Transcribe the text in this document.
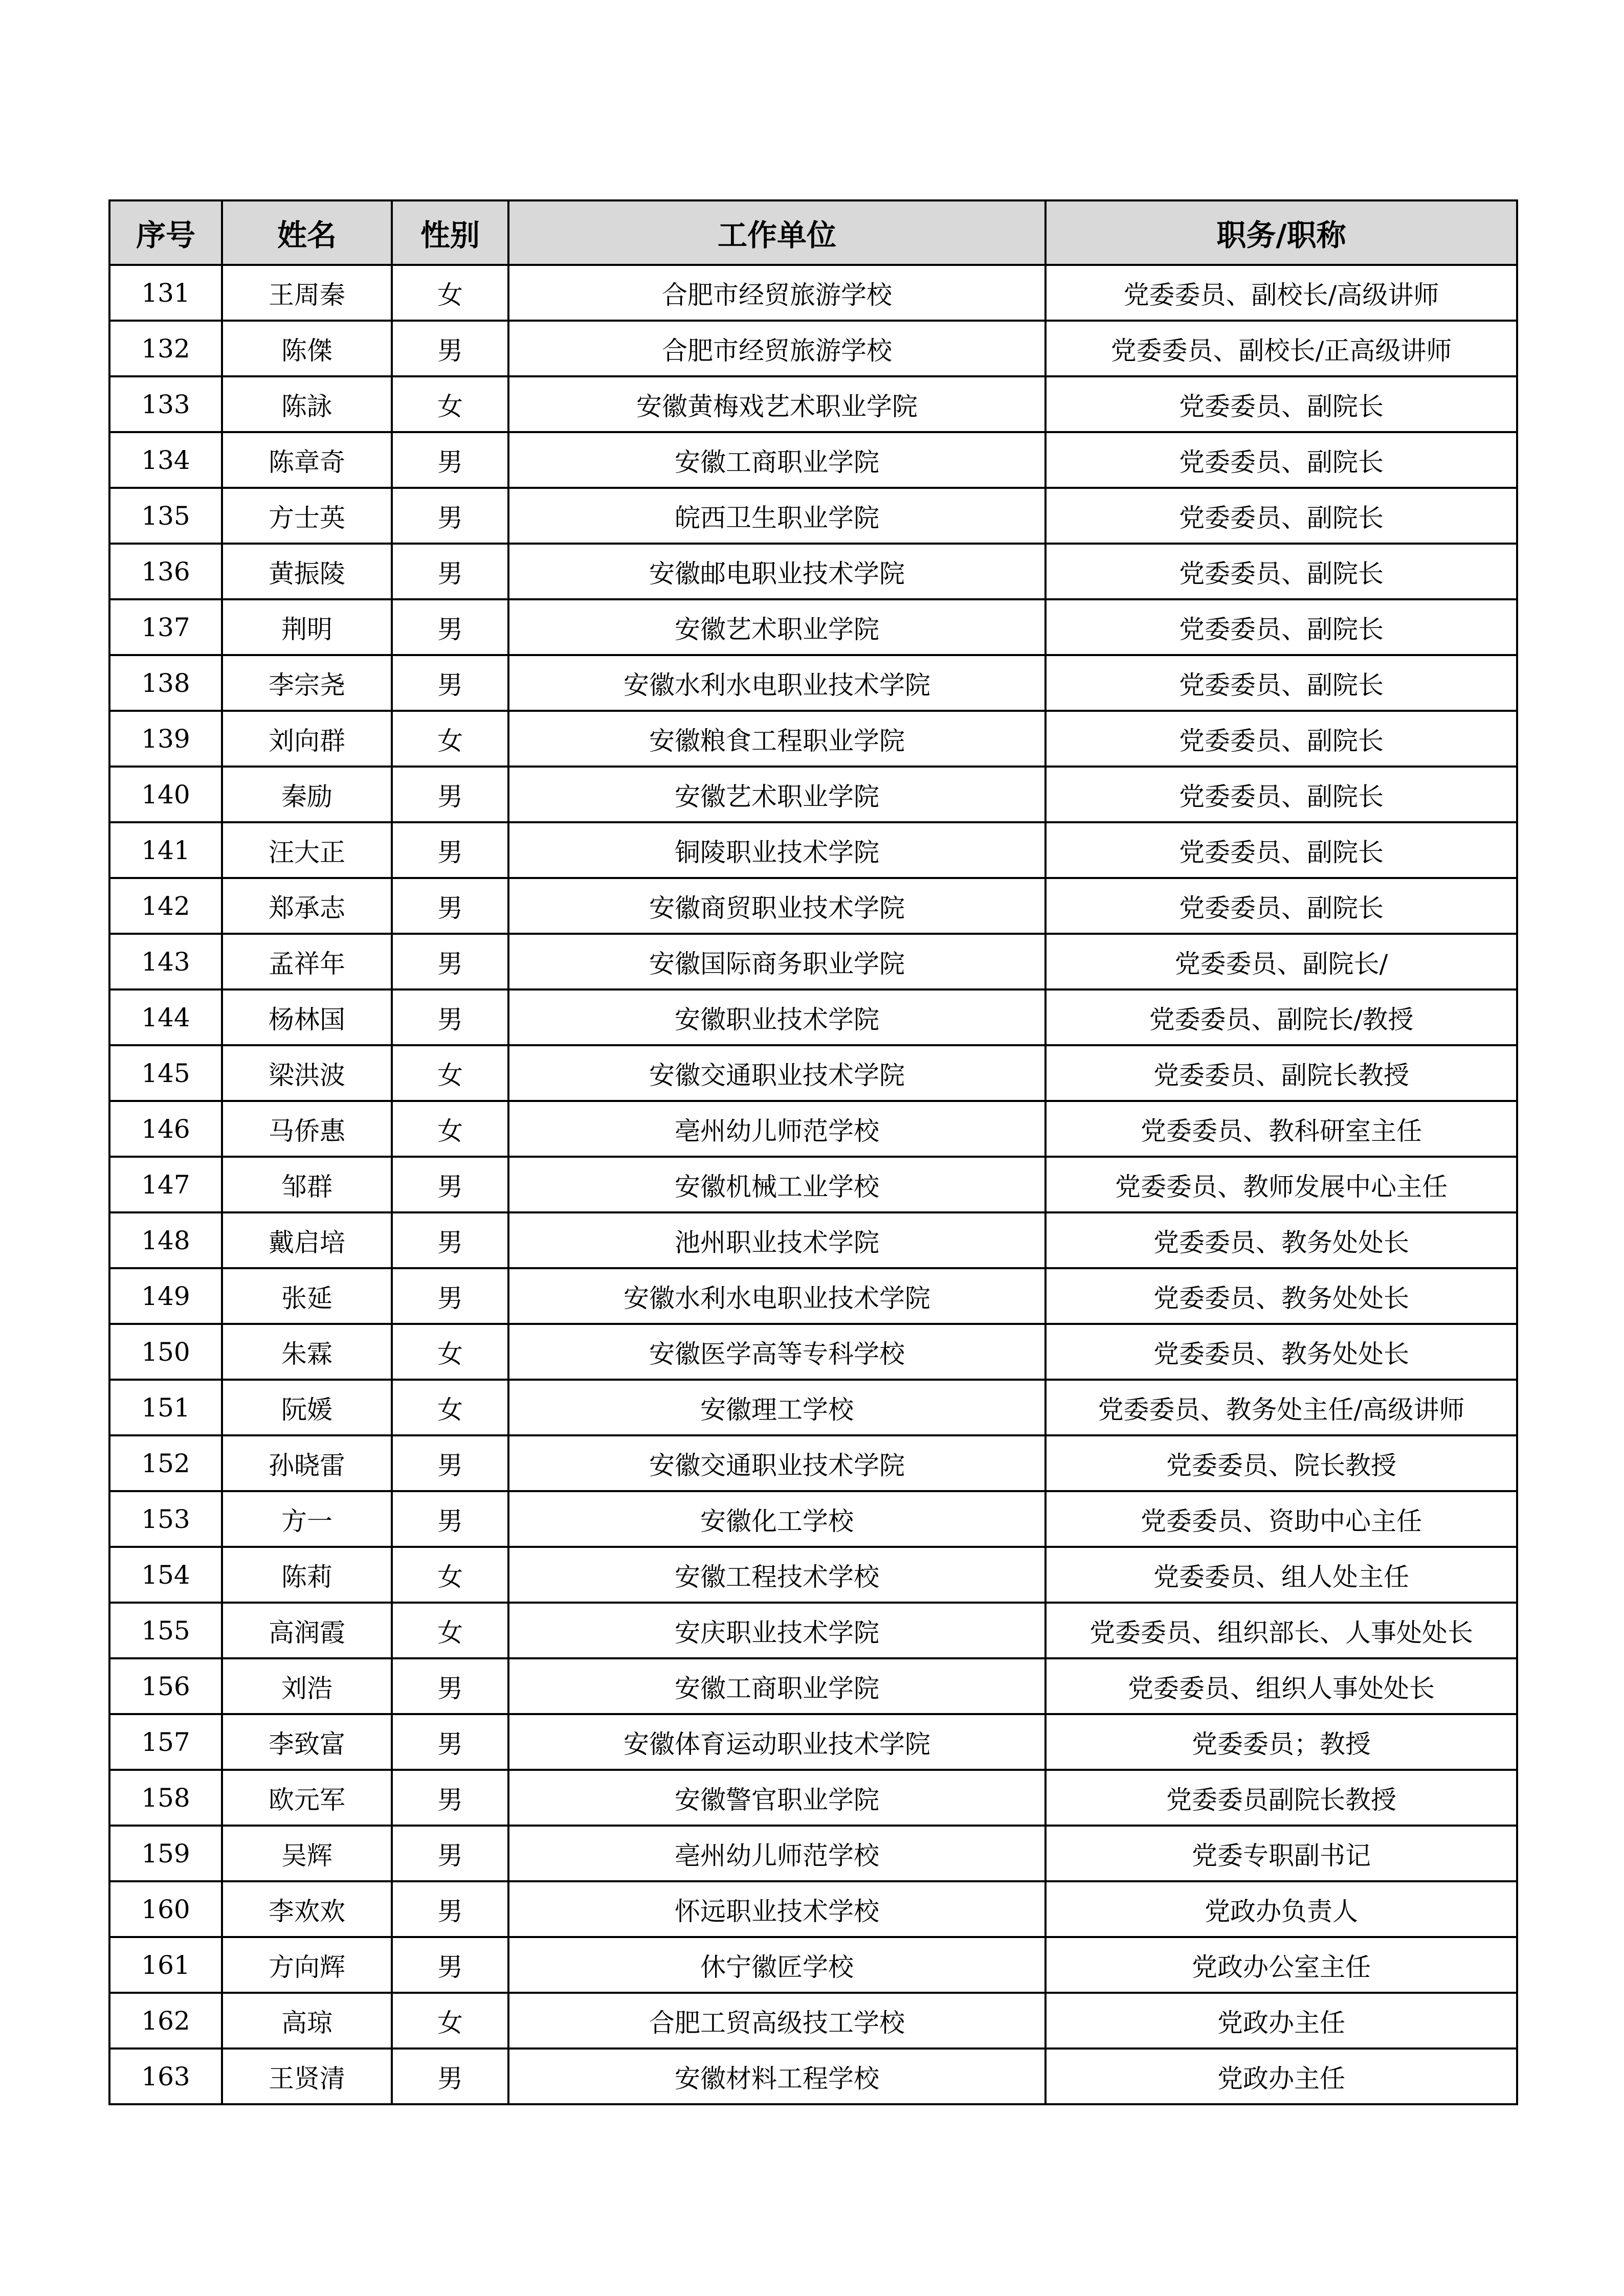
序号	姓名	性别	工作单位	职务/职称
131	王周秦	女	合肥市经贸旅游学校	党委委员、副校长/高级讲师
132	陈傑	男	合肥市经贸旅游学校	党委委员、副校长/正高级讲师
133	陈詠	女	安徽黄梅戏艺术职业学院	党委委员、副院长
134	陈章奇	男	安徽工商职业学院	党委委员、副院长
135	方士英	男	皖西卫生职业学院	党委委员、副院长
136	黄振陵	男	安徽邮电职业技术学院	党委委员、副院长
137	荆明	男	安徽艺术职业学院	党委委员、副院长
138	李宗尧	男	安徽水利水电职业技术学院	党委委员、副院长
139	刘向群	女	安徽粮食工程职业学院	党委委员、副院长
140	秦励	男	安徽艺术职业学院	党委委员、副院长
141	汪大正	男	铜陵职业技术学院	党委委员、副院长
142	郑承志	男	安徽商贸职业技术学院	党委委员、副院长
143	孟祥年	男	安徽国际商务职业学院	党委委员、副院长/
144	杨林国	男	安徽职业技术学院	党委委员、副院长/教授
145	梁洪波	女	安徽交通职业技术学院	党委委员、副院长教授
146	马侨惠	女	亳州幼儿师范学校	党委委员、教科研室主任
147	邹群	男	安徽机械工业学校	党委委员、教师发展中心主任
148	戴启培	男	池州职业技术学院	党委委员、教务处处长
149	张延	男	安徽水利水电职业技术学院	党委委员、教务处处长
150	朱霖	女	安徽医学高等专科学校	党委委员、教务处处长
151	阮媛	女	安徽理工学校	党委委员、教务处主任/高级讲师
152	孙晓雷	男	安徽交通职业技术学院	党委委员、院长教授
153	方一	男	安徽化工学校	党委委员、资助中心主任
154	陈莉	女	安徽工程技术学校	党委委员、组人处主任
155	高润霞	女	安庆职业技术学院	党委委员、组织部长、人事处处长
156	刘浩	男	安徽工商职业学院	党委委员、组织人事处处长
157	李致富	男	安徽体育运动职业技术学院	党委委员；教授
158	欧元军	男	安徽警官职业学院	党委委员副院长教授
159	吴辉	男	亳州幼儿师范学校	党委专职副书记
160	李欢欢	男	怀远职业技术学校	党政办负责人
161	方向辉	男	休宁徽匠学校	党政办公室主任
162	高琼	女	合肥工贸高级技工学校	党政办主任
163	王贤清	男	安徽材料工程学校	党政办主任
